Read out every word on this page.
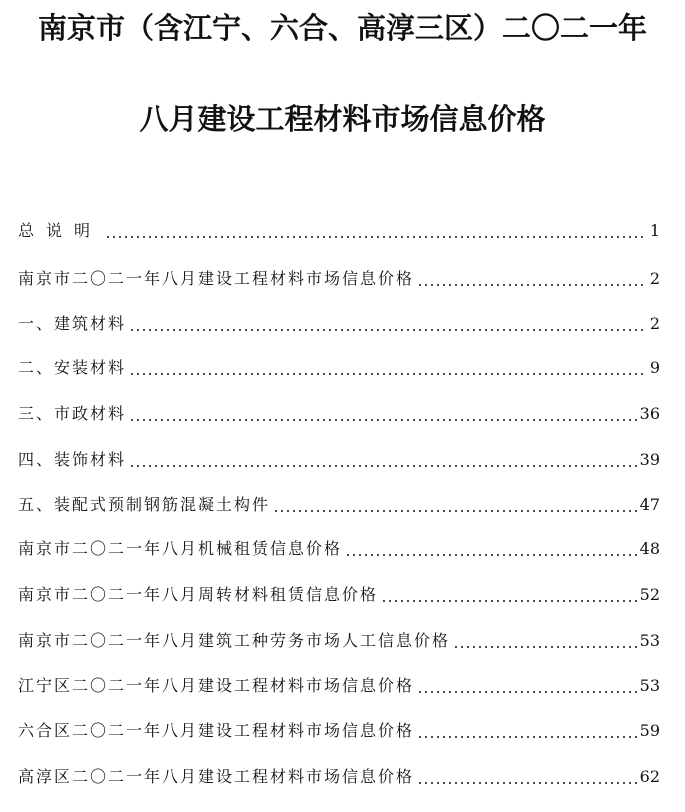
南京市（含江宁、六合、高淳三区）二〇二一年
八月建设工程材料市场信息价格
总说明	1
南京市二〇二一年八月建设工程材料市场信息价格	2
一、建筑材料	2
二、安装材料	9
三、市政材料	36
四、装饰材料	39
五、装配式预制钢筋混凝土构件	47
南京市二〇二一年八月机械租赁信息价格	48
南京市二〇二一年八月周转材料租赁信息价格	52
南京市二〇二一年八月建筑工种劳务市场人工信息价格	53
江宁区二〇二一年八月建设工程材料市场信息价格	53
六合区二〇二一年八月建设工程材料市场信息价格	59
高淳区二〇二一年八月建设工程材料市场信息价格	62
